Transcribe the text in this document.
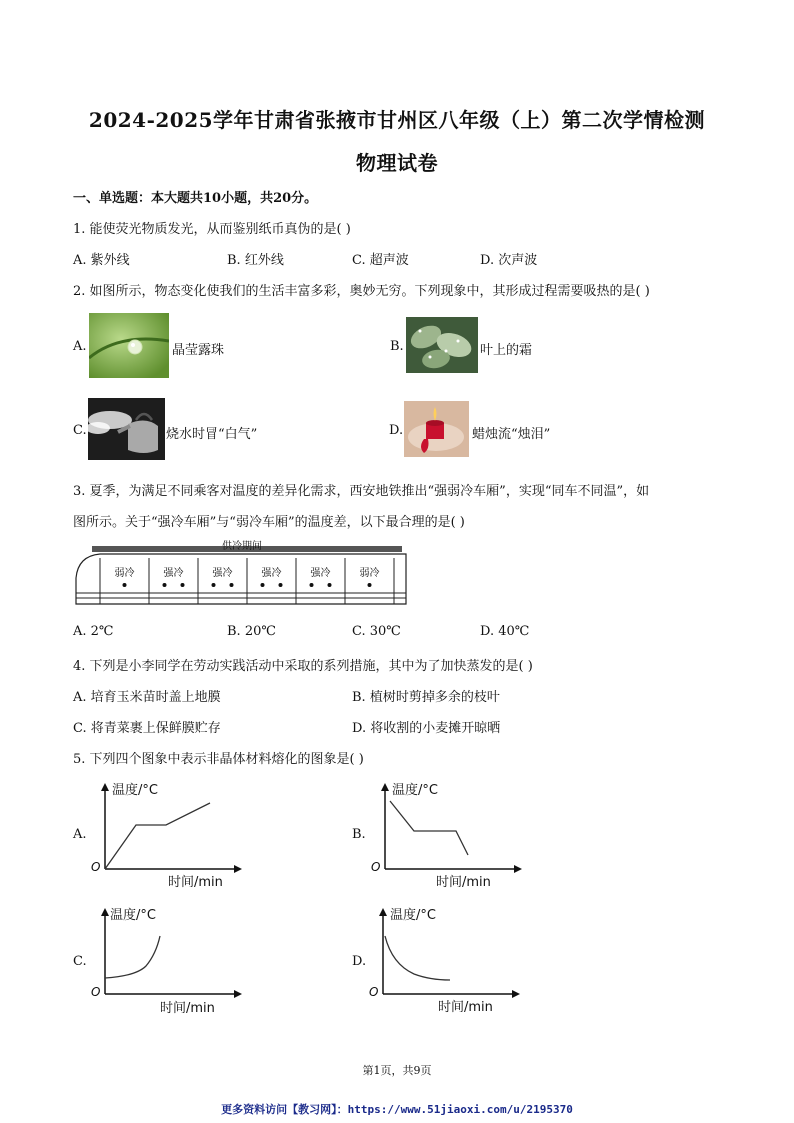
2024-2025学年甘肃省张掖市甘州区八年级（上）第二次学情检测
物理试卷
一、单选题：本大题共10小题，共20分。
1. 能使荧光物质发光，从而鉴别纸币真伪的是( )
A. 紫外线	B. 红外线	C. 超声波	D. 次声波
2. 如图所示，物态变化使我们的生活丰富多彩，奥妙无穷。下列现象中，其形成过程需要吸热的是( )
A.	晶莹露珠	B.	叶上的霜
C.	烧水时冒“白气”	D.	蜡烛流“烛泪”
3. 夏季，为满足不同乘客对温度的差异化需求，西安地铁推出“强弱冷车厢”，实现“同车不同温”，如
图所示。关于“强冷车厢”与“弱冷车厢”的温度差，以下最合理的是( )
供冷期间
弱冷	强冷	强冷	强冷	强冷	弱冷
A. 2℃	B. 20℃	C. 30℃	D. 40℃
4. 下列是小李同学在劳动实践活动中采取的系列措施，其中为了加快蒸发的是( )
A. 培育玉米苗时盖上地膜	B. 植树时剪掉多余的枝叶
C. 将青菜裹上保鲜膜贮存	D. 将收割的小麦摊开晾晒
5. 下列四个图象中表示非晶体材料熔化的图象是( )
A.
温度/°C
时间/min
O
B.
温度/°C
时间/min
O
C.
温度/°C
时间/min
O
D.
温度/°C
时间/min
O
第1页，共9页
更多资料访问【教习网】：https://www.51jiaoxi.com/u/2195370
